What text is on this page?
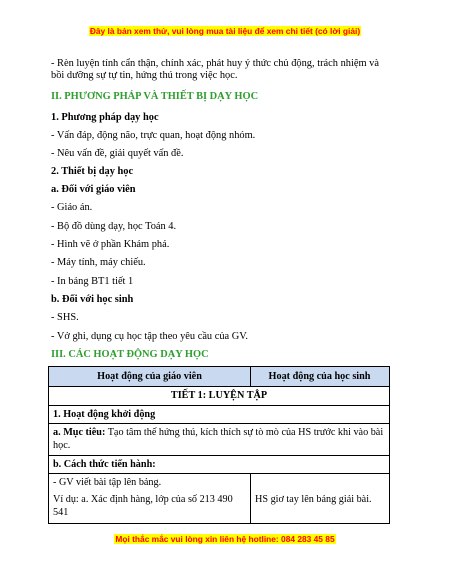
Đây là bản xem thử, vui lòng mua tài liệu để xem chi tiết (có lời giải)
- Rèn luyện tính cẩn thận, chính xác, phát huy ý thức chủ động, trách nhiệm và
bồi dưỡng sự tự tin, hứng thú trong việc học.
II. PHƯƠNG PHÁP VÀ THIẾT BỊ DẠY HỌC
1. Phương pháp dạy học
- Vấn đáp, động não, trực quan, hoạt động nhóm.
- Nêu vấn đề, giải quyết vấn đề.
2. Thiết bị dạy học
a. Đối với giáo viên
- Giáo án.
- Bộ đồ dùng dạy, học Toán 4.
- Hình vẽ ở phần Khám phá.
- Máy tính, máy chiếu.
- In bảng BT1 tiết 1
b. Đối với học sinh
- SHS.
- Vở ghi, dụng cụ học tập theo yêu cầu của GV.
III. CÁC HOẠT ĐỘNG DẠY HỌC
Hoạt động của giáo viên	Hoạt động của học sinh
TIẾT 1: LUYỆN TẬP
1. Hoạt động khởi động
a. Mục tiêu: Tạo tâm thế hứng thú, kích thích sự tò mò của HS trước khi vào bài
học.
b. Cách thức tiến hành:
- GV viết bài tập lên bảng.
Ví dụ: a. Xác định hàng, lớp của số 213 490
541
HS giơ tay lên bảng giải bài.
Mọi thắc mắc vui lòng xin liên hệ hotline: 084 283 45 85
